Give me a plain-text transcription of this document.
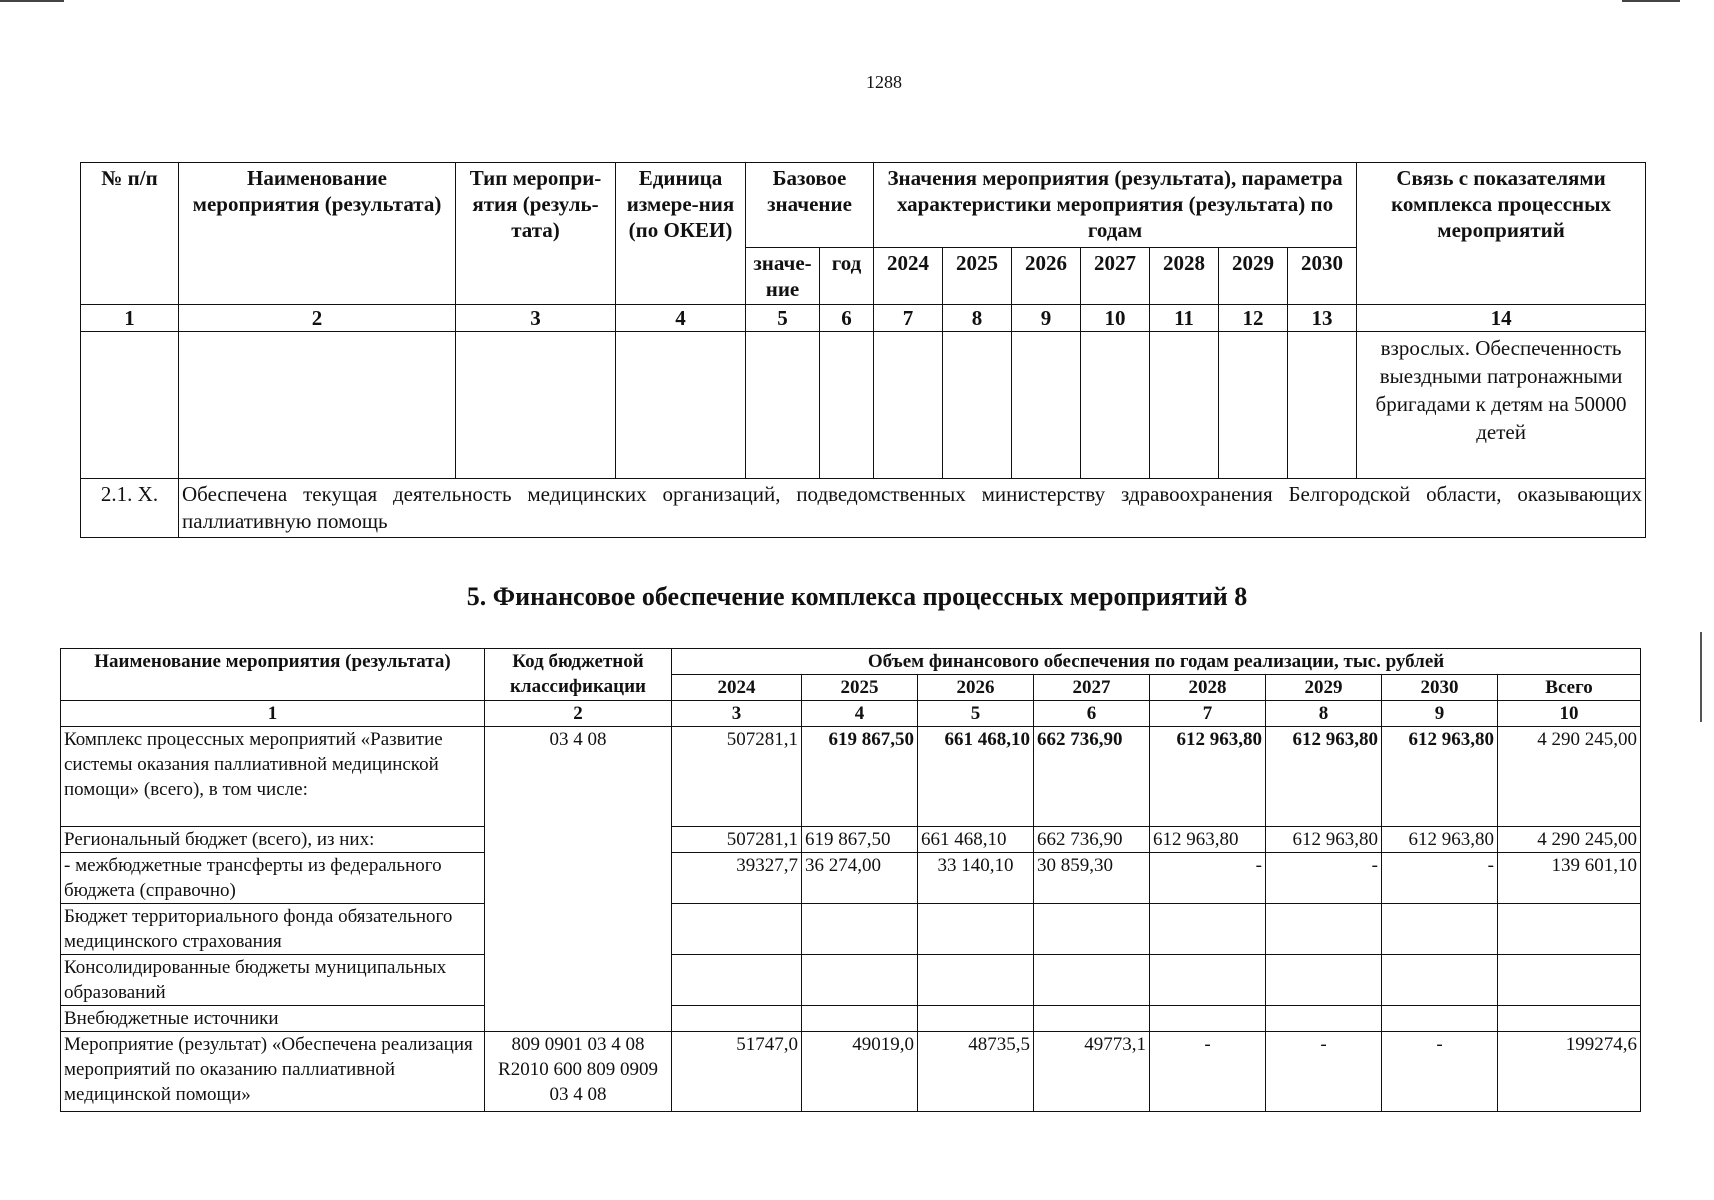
1288
№ п/п	Наименование мероприятия (результата)	Тип меропри-ятия (резуль-тата)	Единица измере-ния (по ОКЕИ)	Базовое значение		Значения мероприятия (результата), параметра характеристики мероприятия (результата) по годам							Связь с показателями комплекса процессных мероприятий
				значе-ние	год	2024	2025	2026	2027	2028	2029	2030	
1	2	3	4	5	6	7	8	9	10	11	12	13	14
													взрослых. Обеспеченность выездными патронажными бригадами к детям на 50000 детей
2.1. Х.	Обеспечена текущая деятельность медицинских организаций, подведомственных министерству здравоохранения Белгородской области, оказывающих паллиативную помощь												
5. Финансовое обеспечение комплекса процессных мероприятий 8
Наименование мероприятия (результата)	Код бюджетной классификации	Объем финансового обеспечения по годам реализации, тыс. рублей							
		2024	2025	2026	2027	2028	2029	2030	Всего
1	2	3	4	5	6	7	8	9	10
Комплекс процессных мероприятий «Развитие системы оказания паллиативной медицинской помощи» (всего), в том числе:	03 4 08	507281,1	619 867,50	661 468,10	662 736,90	612 963,80	612 963,80	612 963,80	4 290 245,00
Региональный бюджет (всего), из них:		507281,1	619 867,50	661 468,10	662 736,90	612 963,80	612 963,80	612 963,80	4 290 245,00
- межбюджетные трансферты из федерального бюджета (справочно)		39327,7	36 274,00	33 140,10	30 859,30	-	-	-	139 601,10
Бюджет территориального фонда обязательного медицинского страхования									
Консолидированные бюджеты муниципальных образований									
Внебюджетные источники									
Мероприятие (результат) «Обеспечена реализация мероприятий по оказанию паллиативной медицинской помощи»	809 0901 03 4 08 R2010 600 809 0909 03 4 08	51747,0	49019,0	48735,5	49773,1	-	-	-	199274,6
